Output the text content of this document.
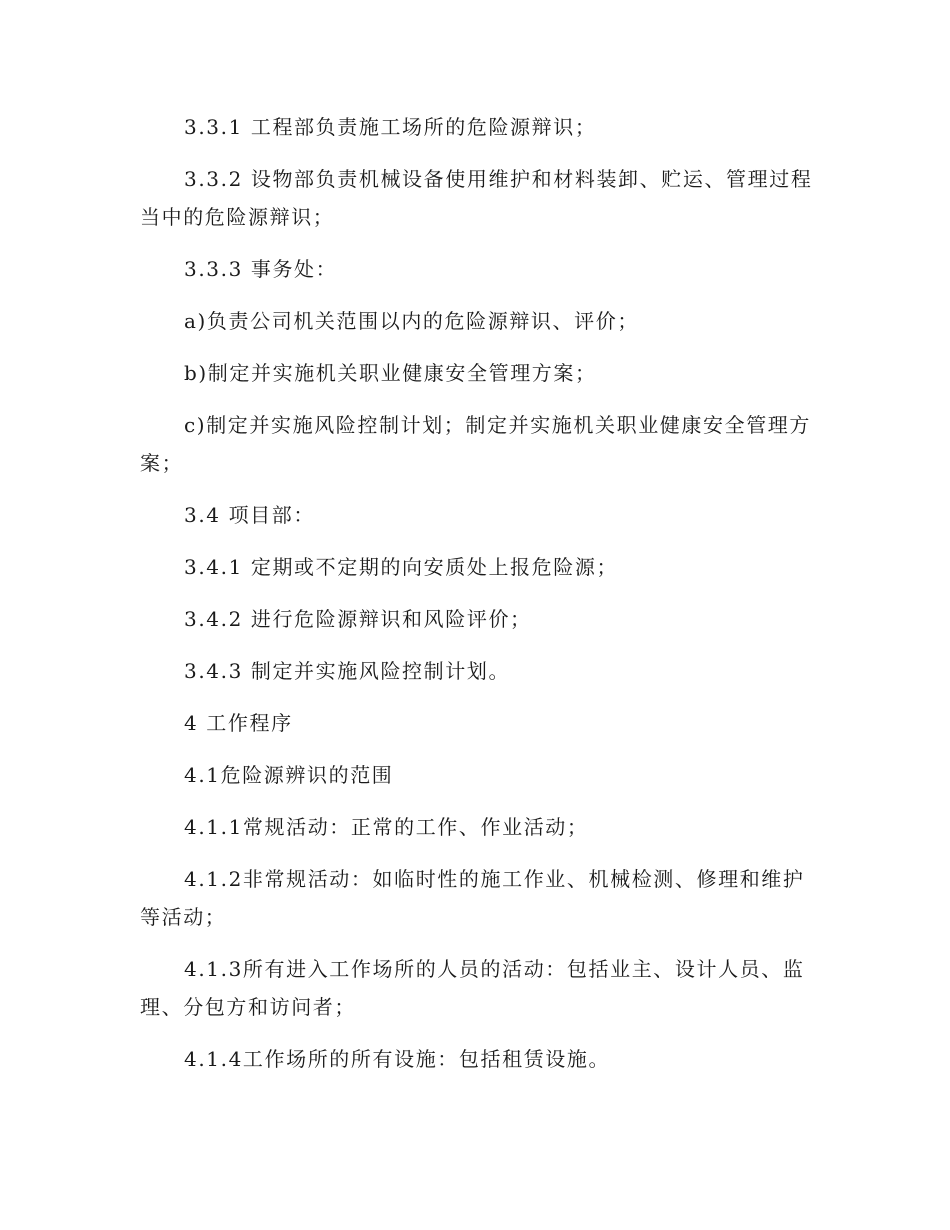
3.3.1 工程部负责施工场所的危险源辩识；

3.3.2 设物部负责机械设备使用维护和材料装卸、贮运、管理过程当中的危险源辩识；

3.3.3 事务处：

a)负责公司机关范围以内的危险源辩识、评价；

b)制定并实施机关职业健康安全管理方案；

c)制定并实施风险控制计划；制定并实施机关职业健康安全管理方案；

3.4 项目部：

3.4.1 定期或不定期的向安质处上报危险源；

3.4.2 进行危险源辩识和风险评价；

3.4.3 制定并实施风险控制计划。

4 工作程序

4.1危险源辨识的范围

4.1.1常规活动：正常的工作、作业活动；

4.1.2非常规活动：如临时性的施工作业、机械检测、修理和维护等活动；

4.1.3所有进入工作场所的人员的活动：包括业主、设计人员、监理、分包方和访问者；

4.1.4工作场所的所有设施：包括租赁设施。
